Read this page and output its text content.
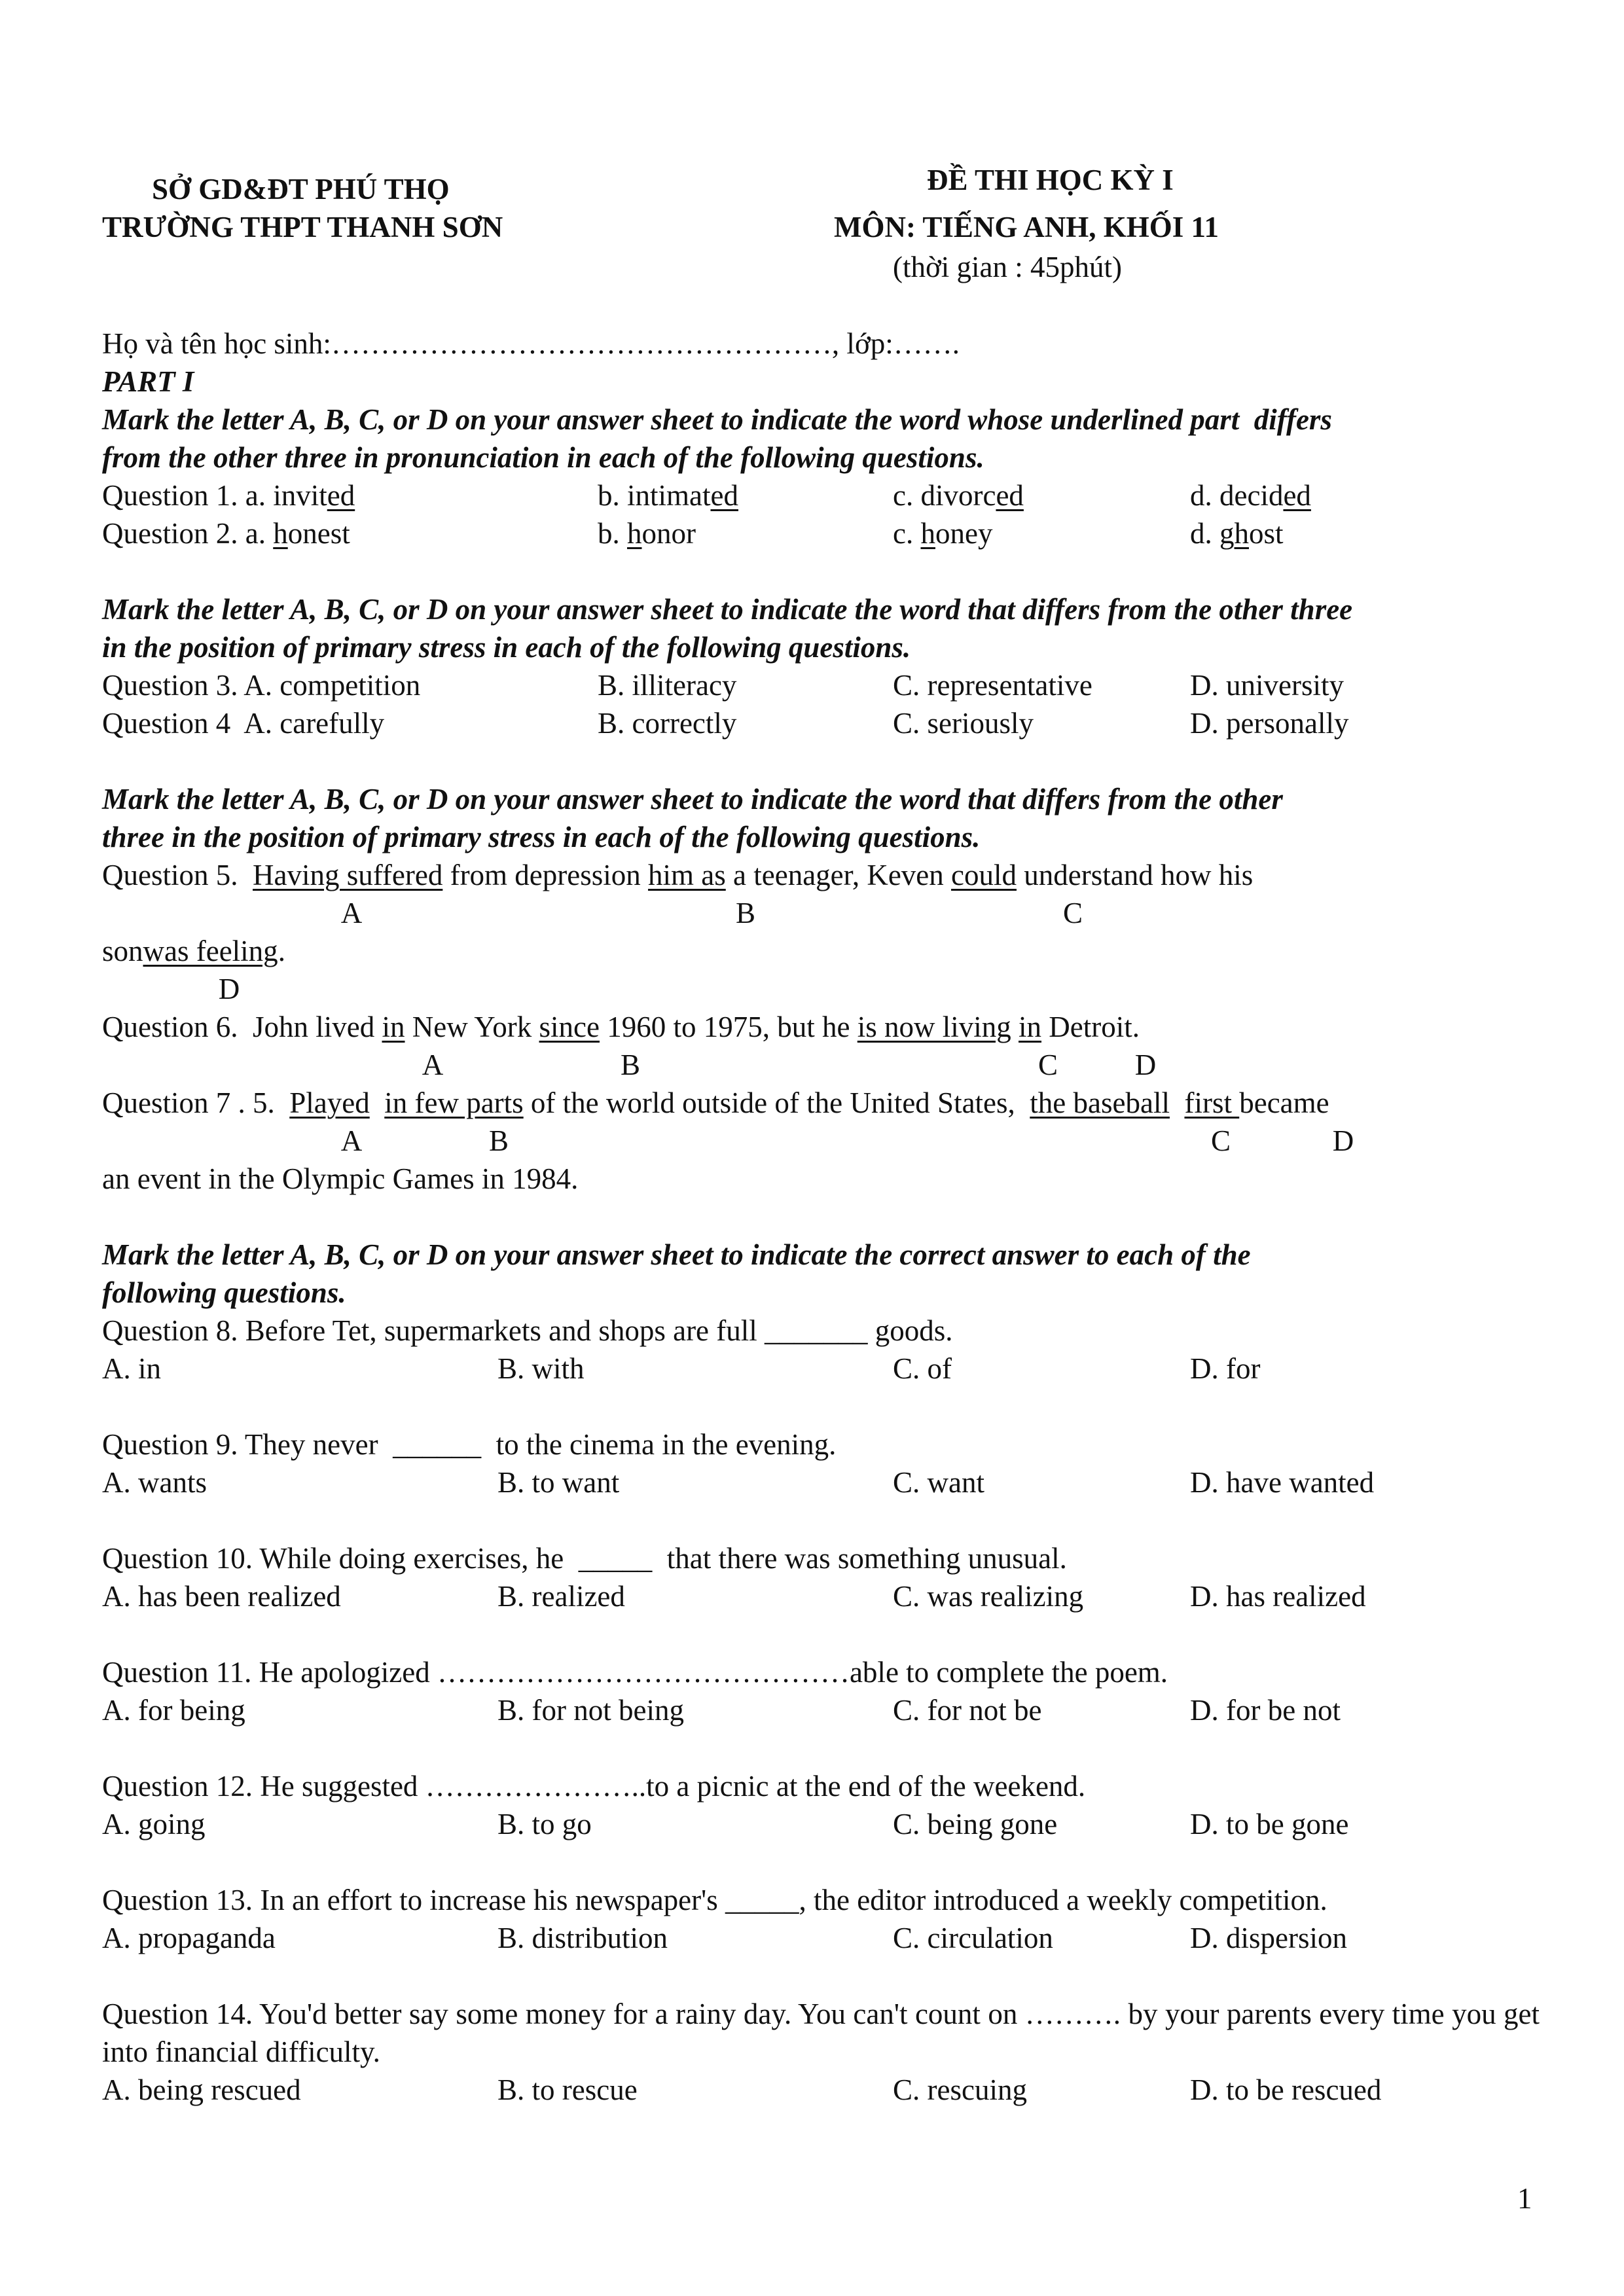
SỞ GD&ĐT PHÚ THỌ
TRƯỜNG THPT THANH SƠN
ĐỀ THI HỌC KỲ I
MÔN: TIẾNG ANH, KHỐI 11
(thời gian : 45phút)
Họ và tên học sinh:……………………………………………, lớp:…….
PART I
Mark the letter A, B, C, or D on your answer sheet to indicate the word whose underlined part  differs
from the other three in pronunciation in each of the following questions.
Question 1. a. invited	b. intimated	c. divorced	d. decided
Question 2. a. honest	b. honor	c. honey	d. ghost
Mark the letter A, B, C, or D on your answer sheet to indicate the word that differs from the other three
in the position of primary stress in each of the following questions.
Question 3. A. competition	B. illiteracy	C. representative	D. university
Question 4  A. carefully	B. correctly	C. seriously	D. personally
Mark the letter A, B, C, or D on your answer sheet to indicate the word that differs from the other
three in the position of primary stress in each of the following questions.
Question 5.  Having suffered from depression him as a teenager, Keven could understand how his
A	B	C
sonwas feeling.
D
Question 6.  John lived in New York since 1960 to 1975, but he is now living in Detroit.
A	B	C	D
Question 7 . 5.  Played in few parts of the world outside of the United States,  the baseball first became
A	B	C	D
an event in the Olympic Games in 1984.
Mark the letter A, B, C, or D on your answer sheet to indicate the correct answer to each of the
following questions.
Question 8. Before Tet, supermarkets and shops are full _______ goods.
A. in	B. with	C. of	D. for
Question 9. They never  ______  to the cinema in the evening.
A. wants	B. to want	C. want	D. have wanted
Question 10. While doing exercises, he  _____  that there was something unusual.
A. has been realized	B. realized	C. was realizing	D. has realized
Question 11. He apologized ……………………………………able to complete the poem.
A. for being	B. for not being	C. for not be	D. for be not
Question 12. He suggested …………………..to a picnic at the end of the weekend.
A. going	B. to go	C. being gone	D. to be gone
Question 13. In an effort to increase his newspaper's _____, the editor introduced a weekly competition.
A. propaganda	B. distribution	C. circulation	D. dispersion
Question 14. You'd better say some money for a rainy day. You can't count on ………. by your parents every time you get into financial difficulty.
A. being rescued	B. to rescue	C. rescuing	D. to be rescued
1
